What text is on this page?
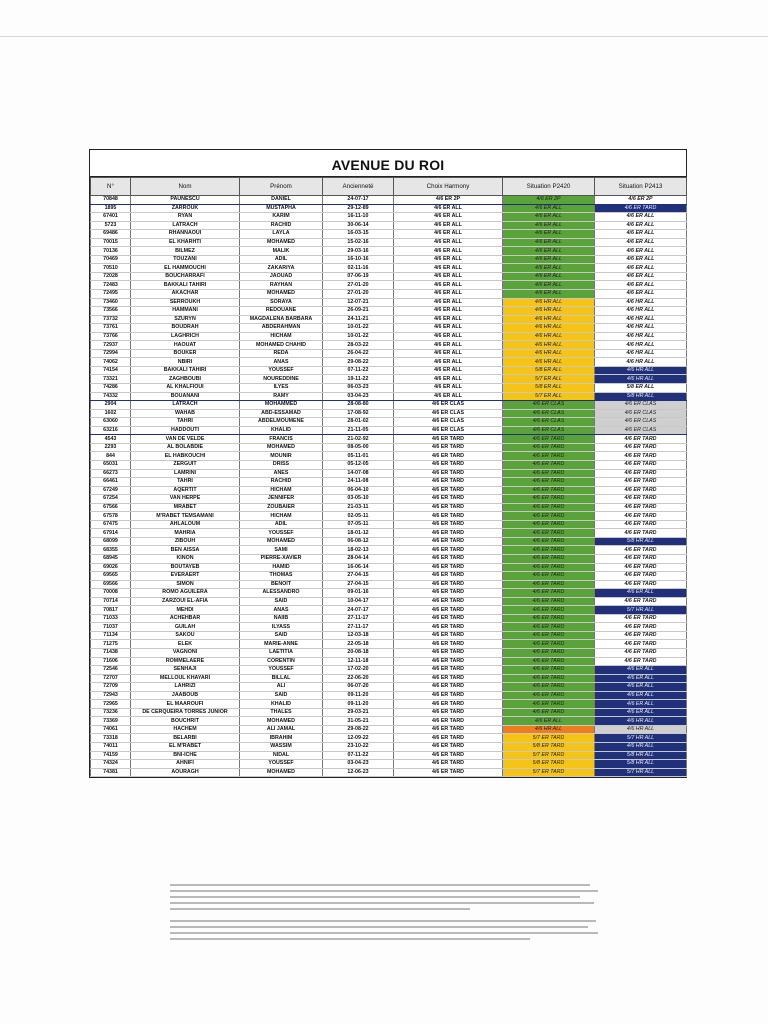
AVENUE DU ROI
N°	Nom	Prénom	Ancienneté	Choix Harmony	Situation P2420	Situation P2413
70848	PAUNESCU	DANIEL	24-07-17	4/6 ER 2P	4/6 ER 2P	4/6 ER 2P
1895	ZARROUK	MUSTAPHA	29-12-89	4/6 ER ALL	4/6 ER ALL	4/6 ER TARD
67401	RYAN	KARIM	16-11-10	4/6 ER ALL	4/6 ER ALL	4/6 ER ALL
5723	LATRACH	RACHID	30-06-14	4/6 ER ALL	4/6 ER ALL	4/6 ER ALL
69486	RHANNAOUI	LAYLA	16-03-15	4/6 ER ALL	4/6 ER ALL	4/6 ER ALL
70015	EL KHARHTI	MOHAMED	15-02-16	4/6 ER ALL	4/6 ER ALL	4/6 ER ALL
70136	BILMEZ	MALIK	29-03-16	4/6 ER ALL	4/6 ER ALL	4/6 ER ALL
70469	TOUZANI	ADIL	16-10-16	4/6 ER ALL	4/6 ER ALL	4/6 ER ALL
70510	EL HAMMOUCHI	ZAKARIYA	02-11-16	4/6 ER ALL	4/6 ER ALL	4/6 ER ALL
72028	BOUCHARRAFI	JAOUAD	07-06-19	4/6 ER ALL	4/6 ER ALL	4/6 ER ALL
72483	BAKKALI TAHIRI	RAYHAN	27-01-20	4/6 ER ALL	4/6 ER ALL	4/6 ER ALL
72495	AKACHAR	MOHAMED	27-01-20	4/6 ER ALL	4/6 ER ALL	4/6 ER ALL
73460	SERROUKH	SORAYA	12-07-21	4/6 ER ALL	4/6 HR ALL	4/6 HR ALL
73566	HAMMANI	REDOUANE	26-09-21	4/6 ER ALL	4/6 HR ALL	4/6 HR ALL
73732	SZURYN	MAGDALENA BARBARA	24-11-21	4/6 ER ALL	4/6 HR ALL	4/6 HR ALL
73761	BOUDRAH	ABDERAHMAN	10-01-22	4/6 ER ALL	4/6 HR ALL	4/6 HR ALL
73766	LAGHRICH	HICHAM	10-01-22	4/6 ER ALL	4/6 HR ALL	4/6 HR ALL
72937	HAOUAT	MOHAMED CHAHID	28-03-22	4/6 ER ALL	4/6 HR ALL	4/6 HR ALL
72994	BOUKER	REDA	26-04-22	4/6 ER ALL	4/6 HR ALL	4/6 HR ALL
74062	NBIRI	ANAS	29-08-22	4/6 ER ALL	4/6 HR ALL	4/6 HR ALL
74154	BAKKALI TAHIRI	YOUSSEF	07-11-22	4/6 ER ALL	5/8 ER ALL	4/6 HR ALL
73321	ZAGHBOUBI	NOUREDDINE	19-11-22	4/6 ER ALL	5/7 ER ALL	4/6 HR ALL
74286	AL KHALFIOUI	ILYES	06-03-23	4/6 ER ALL	5/8 ER ALL	5/8 ER ALL
74332	BOUANANI	RAMY	03-04-23	4/6 ER ALL	5/7 ER ALL	5/8 HR ALL
2904	LATRACH	MOHAMMED	28-08-80	4/6 ER CLAS	4/6 ER CLAS	4/6 ER CLAS
1602	WAHAB	ABD-ESSAMAD	17-08-92	4/6 ER CLAS	4/6 ER CLAS	4/6 ER CLAS
63060	TAHRI	ABDELMOUMENE	28-01-02	4/6 ER CLAS	4/6 ER CLAS	4/6 ER CLAS
63216	HADDOUTI	KHALID	21-11-05	4/6 ER CLAS	4/6 ER CLAS	4/6 ER CLAS
4543	VAN DE VELDE	FRANCIS	21-02-92	4/6 ER TARD	4/6 ER TARD	4/6 ER TARD
2293	AL BOLABDIE	MOHAMED	08-05-00	4/6 ER TARD	4/6 ER TARD	4/6 ER TARD
844	EL HABKOUCHI	MOUNIR	05-11-01	4/6 ER TARD	4/6 ER TARD	4/6 ER TARD
65031	ZERGUIT	DRISS	05-12-05	4/6 ER TARD	4/6 ER TARD	4/6 ER TARD
66273	LAMRINI	ANES	14-07-08	4/6 ER TARD	4/6 ER TARD	4/6 ER TARD
66461	TAHRI	RACHID	24-11-08	4/6 ER TARD	4/6 ER TARD	4/6 ER TARD
67249	AQERTIT	HICHAM	06-04-10	4/6 ER TARD	4/6 ER TARD	4/6 ER TARD
67254	VAN HERPE	JENNIFER	03-05-10	4/6 ER TARD	4/6 ER TARD	4/6 ER TARD
67566	MRABET	ZOUBAIER	21-03-11	4/6 ER TARD	4/6 ER TARD	4/6 ER TARD
67578	M'RABET TEMSAMANI	HICHAM	02-05-11	4/6 ER TARD	4/6 ER TARD	4/6 ER TARD
67475	AHLALOUM	ADIL	07-05-11	4/6 ER TARD	4/6 ER TARD	4/6 ER TARD
67914	MAHRIA	YOUSSEF	18-01-12	4/6 ER TARD	4/6 ER TARD	4/6 ER TARD
68099	ZIBOUH	MOHAMED	06-08-12	4/6 ER TARD	4/6 ER TARD	5/8 HR ALL
68355	BEN AISSA	SAMI	18-02-13	4/6 ER TARD	4/6 ER TARD	4/6 ER TARD
68945	KINON	PIERRE-XAVIER	28-04-14	4/6 ER TARD	4/6 ER TARD	4/6 ER TARD
69026	BOUTAYEB	HAMID	16-06-14	4/6 ER TARD	4/6 ER TARD	4/6 ER TARD
69565	EVERAERT	THOMAS	27-04-15	4/6 ER TARD	4/6 ER TARD	4/6 ER TARD
69566	SIMON	BENOIT	27-04-15	4/6 ER TARD	4/6 ER TARD	4/6 ER TARD
70008	ROMO AGUILERA	ALESSANDRO	09-01-16	4/6 ER TARD	4/6 ER TARD	4/6 ER ALL
70714	ZARZOUI EL-AFIA	SAÏD	10-04-17	4/6 ER TARD	4/6 ER TARD	4/6 ER TARD
70817	MEHDI	ANAS	24-07-17	4/6 ER TARD	4/6 ER TARD	5/7 HR ALL
71033	ACHEHBAR	NAIIB	27-11-17	4/6 ER TARD	4/6 ER TARD	4/6 ER TARD
71037	GUILAH	ILYASS	27-11-17	4/6 ER TARD	4/6 ER TARD	4/6 ER TARD
71134	SAKOU	SAÏD	12-03-18	4/6 ER TARD	4/6 ER TARD	4/6 ER TARD
71275	ELEK	MARIE-ANNE	22-05-18	4/6 ER TARD	4/6 ER TARD	4/6 ER TARD
71438	VAGNONI	LAETITIA	20-08-18	4/6 ER TARD	4/6 ER TARD	4/6 ER TARD
71606	ROMMELAERE	CORENTIN	12-11-18	4/6 ER TARD	4/6 ER TARD	4/6 ER TARD
72546	SENHAJI	YOUSSEF	17-02-20	4/6 ER TARD	4/6 ER TARD	4/6 ER ALL
72707	MELLOUL KHAYARI	BILLAL	22-06-20	4/6 ER TARD	4/6 ER TARD	4/6 ER ALL
72709	LAHRIZI	ALI	06-07-20	4/6 ER TARD	4/6 ER TARD	4/6 ER ALL
72943	JAABOUB	SAID	09-11-20	4/6 ER TARD	4/6 ER TARD	4/6 ER ALL
72965	EL MAAROUFI	KHALID	09-11-20	4/6 ER TARD	4/6 ER TARD	4/6 ER ALL
73236	DE CERQUEIRA TORRES JUNIOR	THALES	29-03-21	4/6 ER TARD	4/6 ER TARD	4/6 ER ALL
73369	BOUCHRIT	MOHAMED	31-05-21	4/6 ER TARD	4/6 ER ALL	4/6 HR ALL
74061	HACHEM	ALI JAMAL	29-08-22	4/6 ER TARD	4/6 HR ALL	4/6 HR ALL
73318	BELARBI	IBRAHIM	12-09-22	4/6 ER TARD	5/7 ER TARD	5/7 HR ALL
74011	EL M'RABET	WASSIM	23-10-22	4/6 ER TARD	5/8 ER TARD	4/6 HR ALL
74159	BNI-ICHE	NIDAL	07-11-22	4/6 ER TARD	5/7 ER TARD	5/8 HR ALL
74324	AHNIFI	YOUSSEF	03-04-23	4/6 ER TARD	5/8 ER TARD	5/8 HR ALL
74381	AOURAGH	MOHAMED	12-06-23	4/6 ER TARD	5/7 ER TARD	5/7 HR ALL
